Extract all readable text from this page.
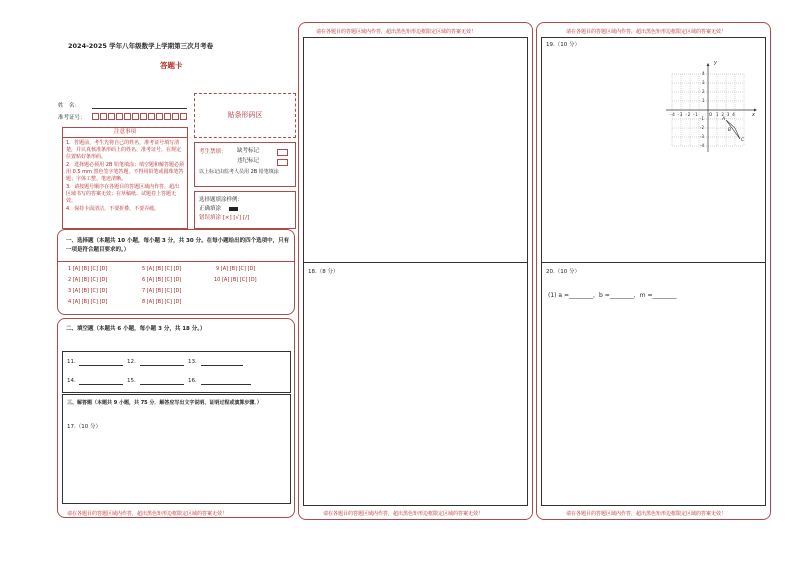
2024-2025 学年八年级数学上学期第三次月考卷
答题卡
姓　名：
准考证号：	贴条形码区
注意事项
1．答题前，考生先将自己的姓名，准考证号填写清楚，并认真核准条形码上的姓名、准考证号，在规定位置贴好条形码。
2．选择题必须用 2B 铅笔填涂；填空题和解答题必须用 0.5 mm 黑色签字笔答题，不得用铅笔或圆珠笔答题；字体工整、笔迹清晰。
3．请按题号顺序在各题目的答题区域内作答，超出区域书写的答案无效；在草稿纸、试题卷上答题无效。
4．保持卡面清洁，不要折叠、不要弄破。
考生禁填： 缺考标记
违纪标记
以上标记由监考人员用 2B 铅笔填涂
选择题填涂样例：
正确填涂
错误填涂 [×] [√] [/]
一、选择题（本题共 10 小题，每小题 3 分，共 30 分。在每小题给出的四个选项中，只有一项是符合题目要求的。）
1 [A] [B] [C] [D]
2 [A] [B] [C] [D]
3 [A] [B] [C] [D]
4 [A] [B] [C] [D]
5 [A] [B] [C] [D]
6 [A] [B] [C] [D]
7 [A] [B] [C] [D]
8 [A] [B] [C] [D]
9 [A] [B] [C] [D]
10 [A] [B] [C] [D]
二、填空题（本题共 6 小题，每小题 3 分，共 18 分。）
11.	12.	13.
14.	15.	16.
三、解答题（本题共 9 小题，共 75 分．解答应写出文字说明、证明过程或演算步骤．）
17.（10 分）
请在各题目的答题区域内作答，超出黑色矩形边框限定区域的答案无效！
请在各题目的答题区域内作答，超出黑色矩形边框限定区域的答案无效！
18.（8 分）
请在各题目的答题区域内作答，超出黑色矩形边框限定区域的答案无效！
请在各题目的答题区域内作答，超出黑色矩形边框限定区域的答案无效！
19.（10 分）
20.（10 分）
(1) a =________，b =________，m =________
请在各题目的答题区域内作答，超出黑色矩形边框限定区域的答案无效！
y
x
4
3
2
1
-1
-2
-3
-4
-4 -3 -2 -1	O 1 2 3 4
A
B
C
